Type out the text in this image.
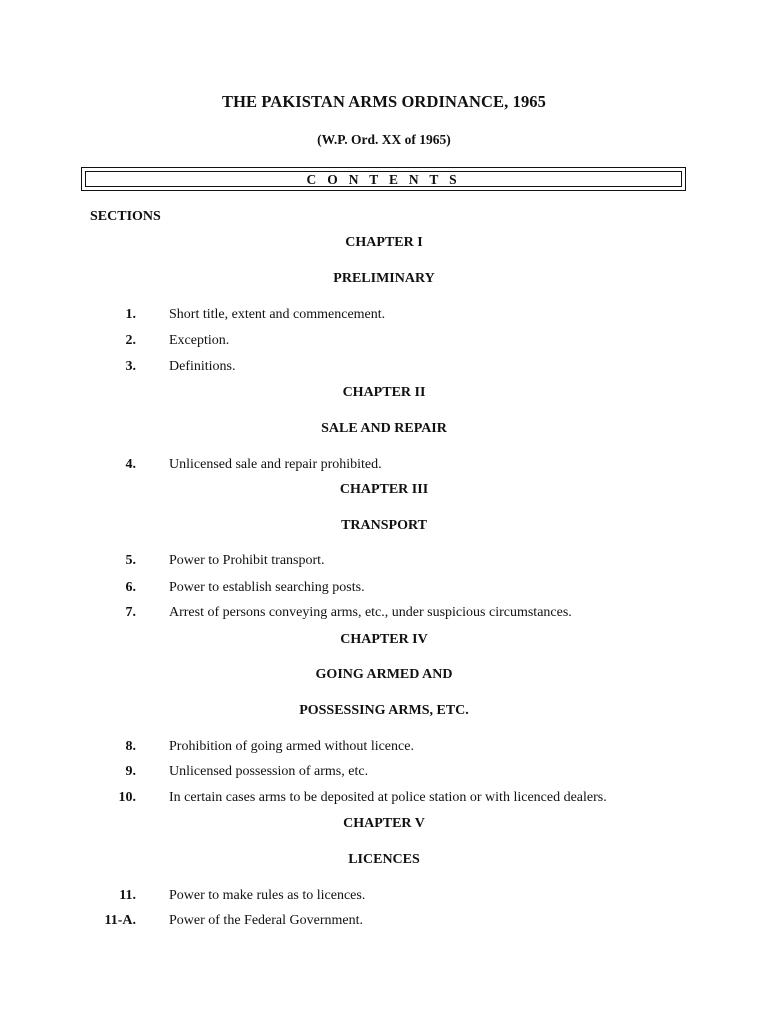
THE PAKISTAN ARMS ORDINANCE, 1965
(W.P. Ord. XX of 1965)
C O N T E N T S
SECTIONS
CHAPTER I
PRELIMINARY
1. Short title, extent and commencement.
2. Exception.
3. Definitions.
CHAPTER II
SALE AND REPAIR
4. Unlicensed sale and repair prohibited.
CHAPTER III
TRANSPORT
5. Power to Prohibit transport.
6. Power to establish searching posts.
7. Arrest of persons conveying arms, etc., under suspicious circumstances.
CHAPTER IV
GOING ARMED AND
POSSESSING ARMS, ETC.
8. Prohibition of going armed without licence.
9. Unlicensed possession of arms, etc.
10. In certain cases arms to be deposited at police station or with licenced dealers.
CHAPTER V
LICENCES
11. Power to make rules as to licences.
11-A. Power of the Federal Government.
